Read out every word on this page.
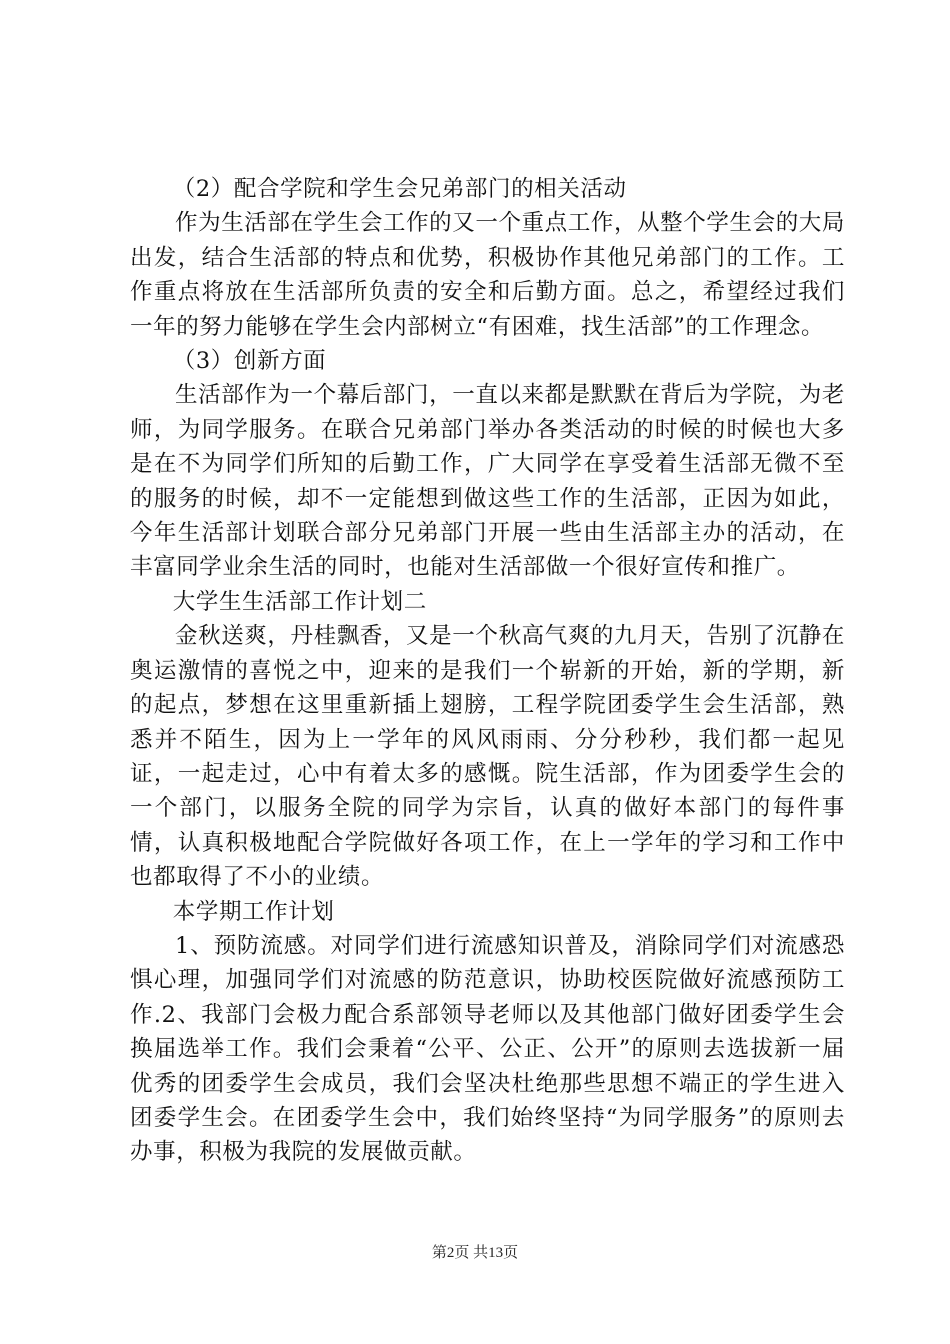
（2）配合学院和学生会兄弟部门的相关活动

作为生活部在学生会工作的又一个重点工作，从整个学生会的大局出发，结合生活部的特点和优势，积极协作其他兄弟部门的工作。工作重点将放在生活部所负责的安全和后勤方面。总之，希望经过我们一年的努力能够在学生会内部树立“有困难，找生活部”的工作理念。

（3）创新方面

生活部作为一个幕后部门，一直以来都是默默在背后为学院，为老师，为同学服务。在联合兄弟部门举办各类活动的时候的时候也大多是在不为同学们所知的后勤工作，广大同学在享受着生活部无微不至的服务的时候，却不一定能想到做这些工作的生活部，正因为如此，今年生活部计划联合部分兄弟部门开展一些由生活部主办的活动，在丰富同学业余生活的同时，也能对生活部做一个很好宣传和推广。

大学生生活部工作计划二

金秋送爽，丹桂飘香，又是一个秋高气爽的九月天，告别了沉静在奥运激情的喜悦之中，迎来的是我们一个崭新的开始，新的学期，新的起点，梦想在这里重新插上翅膀，工程学院团委学生会生活部，熟悉并不陌生，因为上一学年的风风雨雨、分分秒秒，我们都一起见证，一起走过，心中有着太多的感慨。院生活部，作为团委学生会的一个部门，以服务全院的同学为宗旨，认真的做好本部门的每件事情，认真积极地配合学院做好各项工作，在上一学年的学习和工作中也都取得了不小的业绩。

本学期工作计划

1、预防流感。对同学们进行流感知识普及，消除同学们对流感恐惧心理，加强同学们对流感的防范意识，协助校医院做好流感预防工作.2、我部门会极力配合系部领导老师以及其他部门做好团委学生会换届选举工作。我们会秉着“公平、公正、公开”的原则去选拔新一届优秀的团委学生会成员，我们会坚决杜绝那些思想不端正的学生进入团委学生会。在团委学生会中，我们始终坚持“为同学服务”的原则去办事，积极为我院的发展做贡献。

第2页 共13页
